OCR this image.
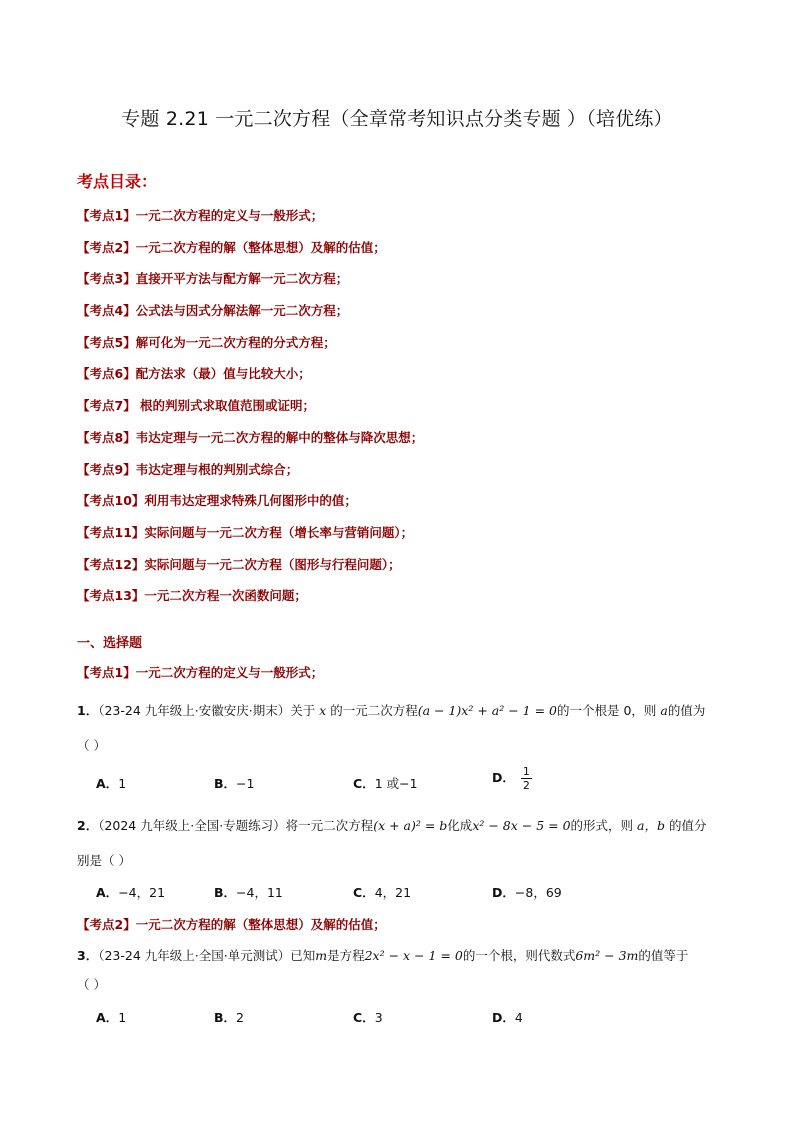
专题 2.21 一元二次方程（全章常考知识点分类专题 ）（培优练）
考点目录：
【考点1】一元二次方程的定义与一般形式；
【考点2】一元二次方程的解（整体思想）及解的估值；
【考点3】直接开平方法与配方解一元二次方程；
【考点4】公式法与因式分解法解一元二次方程；
【考点5】解可化为一元二次方程的分式方程；
【考点6】配方法求（最）值与比较大小；
【考点7】 根的判别式求取值范围或证明；
【考点8】韦达定理与一元二次方程的解中的整体与降次思想；
【考点9】韦达定理与根的判别式综合；
【考点10】利用韦达定理求特殊几何图形中的值；
【考点11】实际问题与一元二次方程（增长率与营销问题）；
【考点12】实际问题与一元二次方程（图形与行程问题）；
【考点13】一元二次方程一次函数问题；
一、选择题
【考点1】一元二次方程的定义与一般形式；
1．（23-24 九年级上·安徽安庆·期末）关于 x 的一元二次方程(a − 1)x² + a² − 1 = 0的一个根是 0，则 a的值为
（ ）
A．1	B．−1	C．1 或−1	D． $\frac{1}{2}$
2．（2024 九年级上·全国·专题练习）将一元二次方程(x + a)² = b化成x² − 8x − 5 = 0的形式，则 a，b 的值分
别是（ ）
A．−4，21	B．−4，11	C．4，21	D．−8，69
【考点2】一元二次方程的解（整体思想）及解的估值；
3．（23-24 九年级上·全国·单元测试）已知m是方程2x² − x − 1 = 0的一个根，则代数式6m² − 3m的值等于
（ ）
A．1	B．2	C．3	D．4
